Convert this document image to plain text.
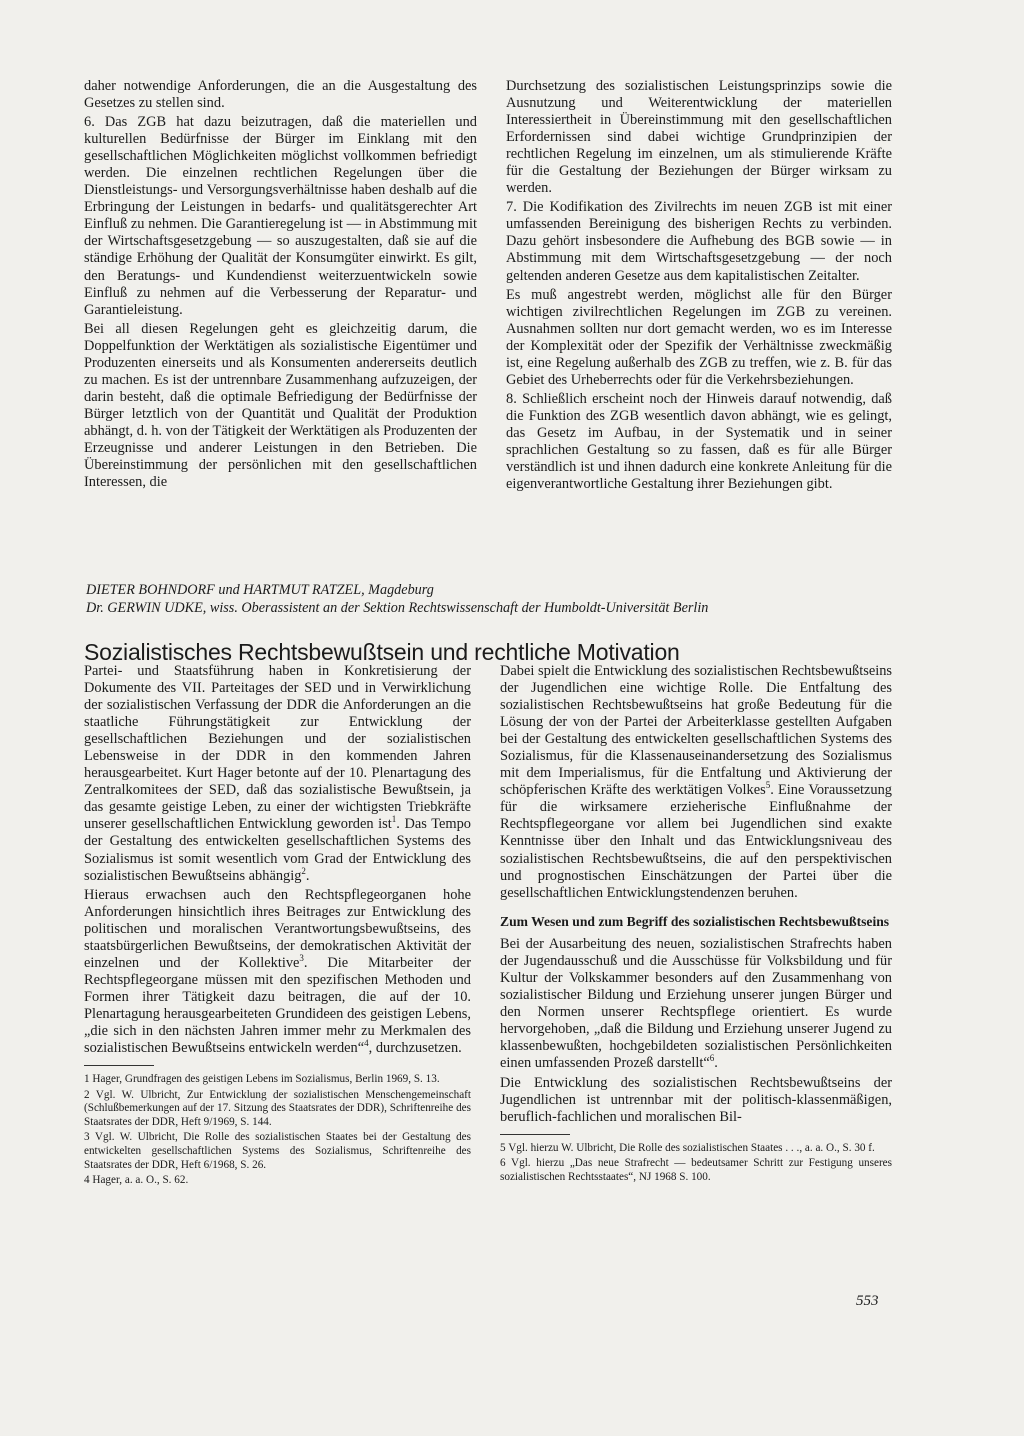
daher notwendige Anforderungen, die an die Ausgestaltung des Gesetzes zu stellen sind.

6. Das ZGB hat dazu beizutragen, daß die materiellen und kulturellen Bedürfnisse der Bürger im Einklang mit den gesellschaftlichen Möglichkeiten möglichst vollkommen befriedigt werden. Die einzelnen rechtlichen Regelungen über die Dienstleistungs- und Versorgungsverhältnisse haben deshalb auf die Erbringung der Leistungen in bedarfs- und qualitätsgerechter Art Einfluß zu nehmen. Die Garantieregelung ist — in Abstimmung mit der Wirtschaftsgesetzgebung — so auszugestalten, daß sie auf die ständige Erhöhung der Qualität der Konsumgüter einwirkt. Es gilt, den Beratungs- und Kundendienst weiterzuentwickeln sowie Einfluß zu nehmen auf die Verbesserung der Reparatur- und Garantieleistung.

Bei all diesen Regelungen geht es gleichzeitig darum, die Doppelfunktion der Werktätigen als sozialistische Eigentümer und Produzenten einerseits und als Konsumenten andererseits deutlich zu machen. Es ist der untrennbare Zusammenhang aufzuzeigen, der darin besteht, daß die optimale Befriedigung der Bedürfnisse der Bürger letztlich von der Quantität und Qualität der Produktion abhängt, d. h. von der Tätigkeit der Werktätigen als Produzenten der Erzeugnisse und anderer Leistungen in den Betrieben. Die Übereinstimmung der persönlichen mit den gesellschaftlichen Interessen, die

Durchsetzung des sozialistischen Leistungsprinzips sowie die Ausnutzung und Weiterentwicklung der materiellen Interessiertheit in Übereinstimmung mit den gesellschaftlichen Erfordernissen sind dabei wichtige Grundprinzipien der rechtlichen Regelung im einzelnen, um als stimulierende Kräfte für die Gestaltung der Beziehungen der Bürger wirksam zu werden.

7. Die Kodifikation des Zivilrechts im neuen ZGB ist mit einer umfassenden Bereinigung des bisherigen Rechts zu verbinden. Dazu gehört insbesondere die Aufhebung des BGB sowie — in Abstimmung mit dem Wirtschaftsgesetzgebung — der noch geltenden anderen Gesetze aus dem kapitalistischen Zeitalter.

Es muß angestrebt werden, möglichst alle für den Bürger wichtigen zivilrechtlichen Regelungen im ZGB zu vereinen. Ausnahmen sollten nur dort gemacht werden, wo es im Interesse der Komplexität oder der Spezifik der Verhältnisse zweckmäßig ist, eine Regelung außerhalb des ZGB zu treffen, wie z. B. für das Gebiet des Urheberrechts oder für die Verkehrsbeziehungen.

8. Schließlich erscheint noch der Hinweis darauf notwendig, daß die Funktion des ZGB wesentlich davon abhängt, wie es gelingt, das Gesetz im Aufbau, in der Systematik und in seiner sprachlichen Gestaltung so zu fassen, daß es für alle Bürger verständlich ist und ihnen dadurch eine konkrete Anleitung für die eigenverantwortliche Gestaltung ihrer Beziehungen gibt.

DIETER BOHNDORF und HARTMUT RATZEL, Magdeburg
Dr. GERWIN UDKE, wiss. Oberassistent an der Sektion Rechtswissenschaft der Humboldt-Universität Berlin
Sozialistisches Rechtsbewußtsein und rechtliche Motivation

Partei- und Staatsführung haben in Konkretisierung der Dokumente des VII. Parteitages der SED und in Verwirklichung der sozialistischen Verfassung der DDR die Anforderungen an die staatliche Führungstätigkeit zur Entwicklung der gesellschaftlichen Beziehungen und der sozialistischen Lebensweise in der DDR in den kommenden Jahren herausgearbeitet. Kurt Hager betonte auf der 10. Plenartagung des Zentralkomitees der SED, daß das sozialistische Bewußtsein, ja das gesamte geistige Leben, zu einer der wichtigsten Triebkräfte unserer gesellschaftlichen Entwicklung geworden ist$^1$. Das Tempo der Gestaltung des entwickelten gesellschaftlichen Systems des Sozialismus ist somit wesentlich vom Grad der Entwicklung des sozialistischen Bewußtseins abhängig$^2$.

Hieraus erwachsen auch den Rechtspflegeorganen hohe Anforderungen hinsichtlich ihres Beitrages zur Entwicklung des politischen und moralischen Verantwortungsbewußtseins, des staatsbürgerlichen Bewußtseins, der demokratischen Aktivität der einzelnen und der Kollektive$^3$. Die Mitarbeiter der Rechtspflegeorgane müssen mit den spezifischen Methoden und Formen ihrer Tätigkeit dazu beitragen, die auf der 10. Plenartagung herausgearbeiteten Grundideen des geistigen Lebens, „die sich in den nächsten Jahren immer mehr zu Merkmalen des sozialistischen Bewußtseins entwickeln werden“$^4$, durchzusetzen.

1 Hager, Grundfragen des geistigen Lebens im Sozialismus, Berlin 1969, S. 13.

2 Vgl. W. Ulbricht, Zur Entwicklung der sozialistischen Menschengemeinschaft (Schlußbemerkungen auf der 17. Sitzung des Staatsrates der DDR), Schriftenreihe des Staatsrates der DDR, Heft 9/1969, S. 144.

3 Vgl. W. Ulbricht, Die Rolle des sozialistischen Staates bei der Gestaltung des entwickelten gesellschaftlichen Systems des Sozialismus, Schriftenreihe des Staatsrates der DDR, Heft 6/1968, S. 26.

4 Hager, a. a. O., S. 62.

Dabei spielt die Entwicklung des sozialistischen Rechtsbewußtseins der Jugendlichen eine wichtige Rolle. Die Entfaltung des sozialistischen Rechtsbewußtseins hat große Bedeutung für die Lösung der von der Partei der Arbeiterklasse gestellten Aufgaben bei der Gestaltung des entwickelten gesellschaftlichen Systems des Sozialismus, für die Klassenauseinandersetzung des Sozialismus mit dem Imperialismus, für die Entfaltung und Aktivierung der schöpferischen Kräfte des werktätigen Volkes$^5$. Eine Voraussetzung für die wirksamere erzieherische Einflußnahme der Rechtspflegeorgane vor allem bei Jugendlichen sind exakte Kenntnisse über den Inhalt und das Entwicklungsniveau des sozialistischen Rechtsbewußtseins, die auf den perspektivischen und prognostischen Einschätzungen der Partei über die gesellschaftlichen Entwicklungstendenzen beruhen.

Zum Wesen und zum Begriff des sozialistischen Rechtsbewußtseins

Bei der Ausarbeitung des neuen, sozialistischen Strafrechts haben der Jugendausschuß und die Ausschüsse für Volksbildung und für Kultur der Volkskammer besonders auf den Zusammenhang von sozialistischer Bildung und Erziehung unserer jungen Bürger und den Normen unserer Rechtspflege orientiert. Es wurde hervorgehoben, „daß die Bildung und Erziehung unserer Jugend zu klassenbewußten, hochgebildeten sozialistischen Persönlichkeiten einen umfassenden Prozeß darstellt“$^6$.

Die Entwicklung des sozialistischen Rechtsbewußtseins der Jugendlichen ist untrennbar mit der politisch-klassenmäßigen, beruflich-fachlichen und moralischen Bil-

5 Vgl. hierzu W. Ulbricht, Die Rolle des sozialistischen Staates . . ., a. a. O., S. 30 f.

6 Vgl. hierzu „Das neue Strafrecht — bedeutsamer Schritt zur Festigung unseres sozialistischen Rechtsstaates“, NJ 1968 S. 100.

553
